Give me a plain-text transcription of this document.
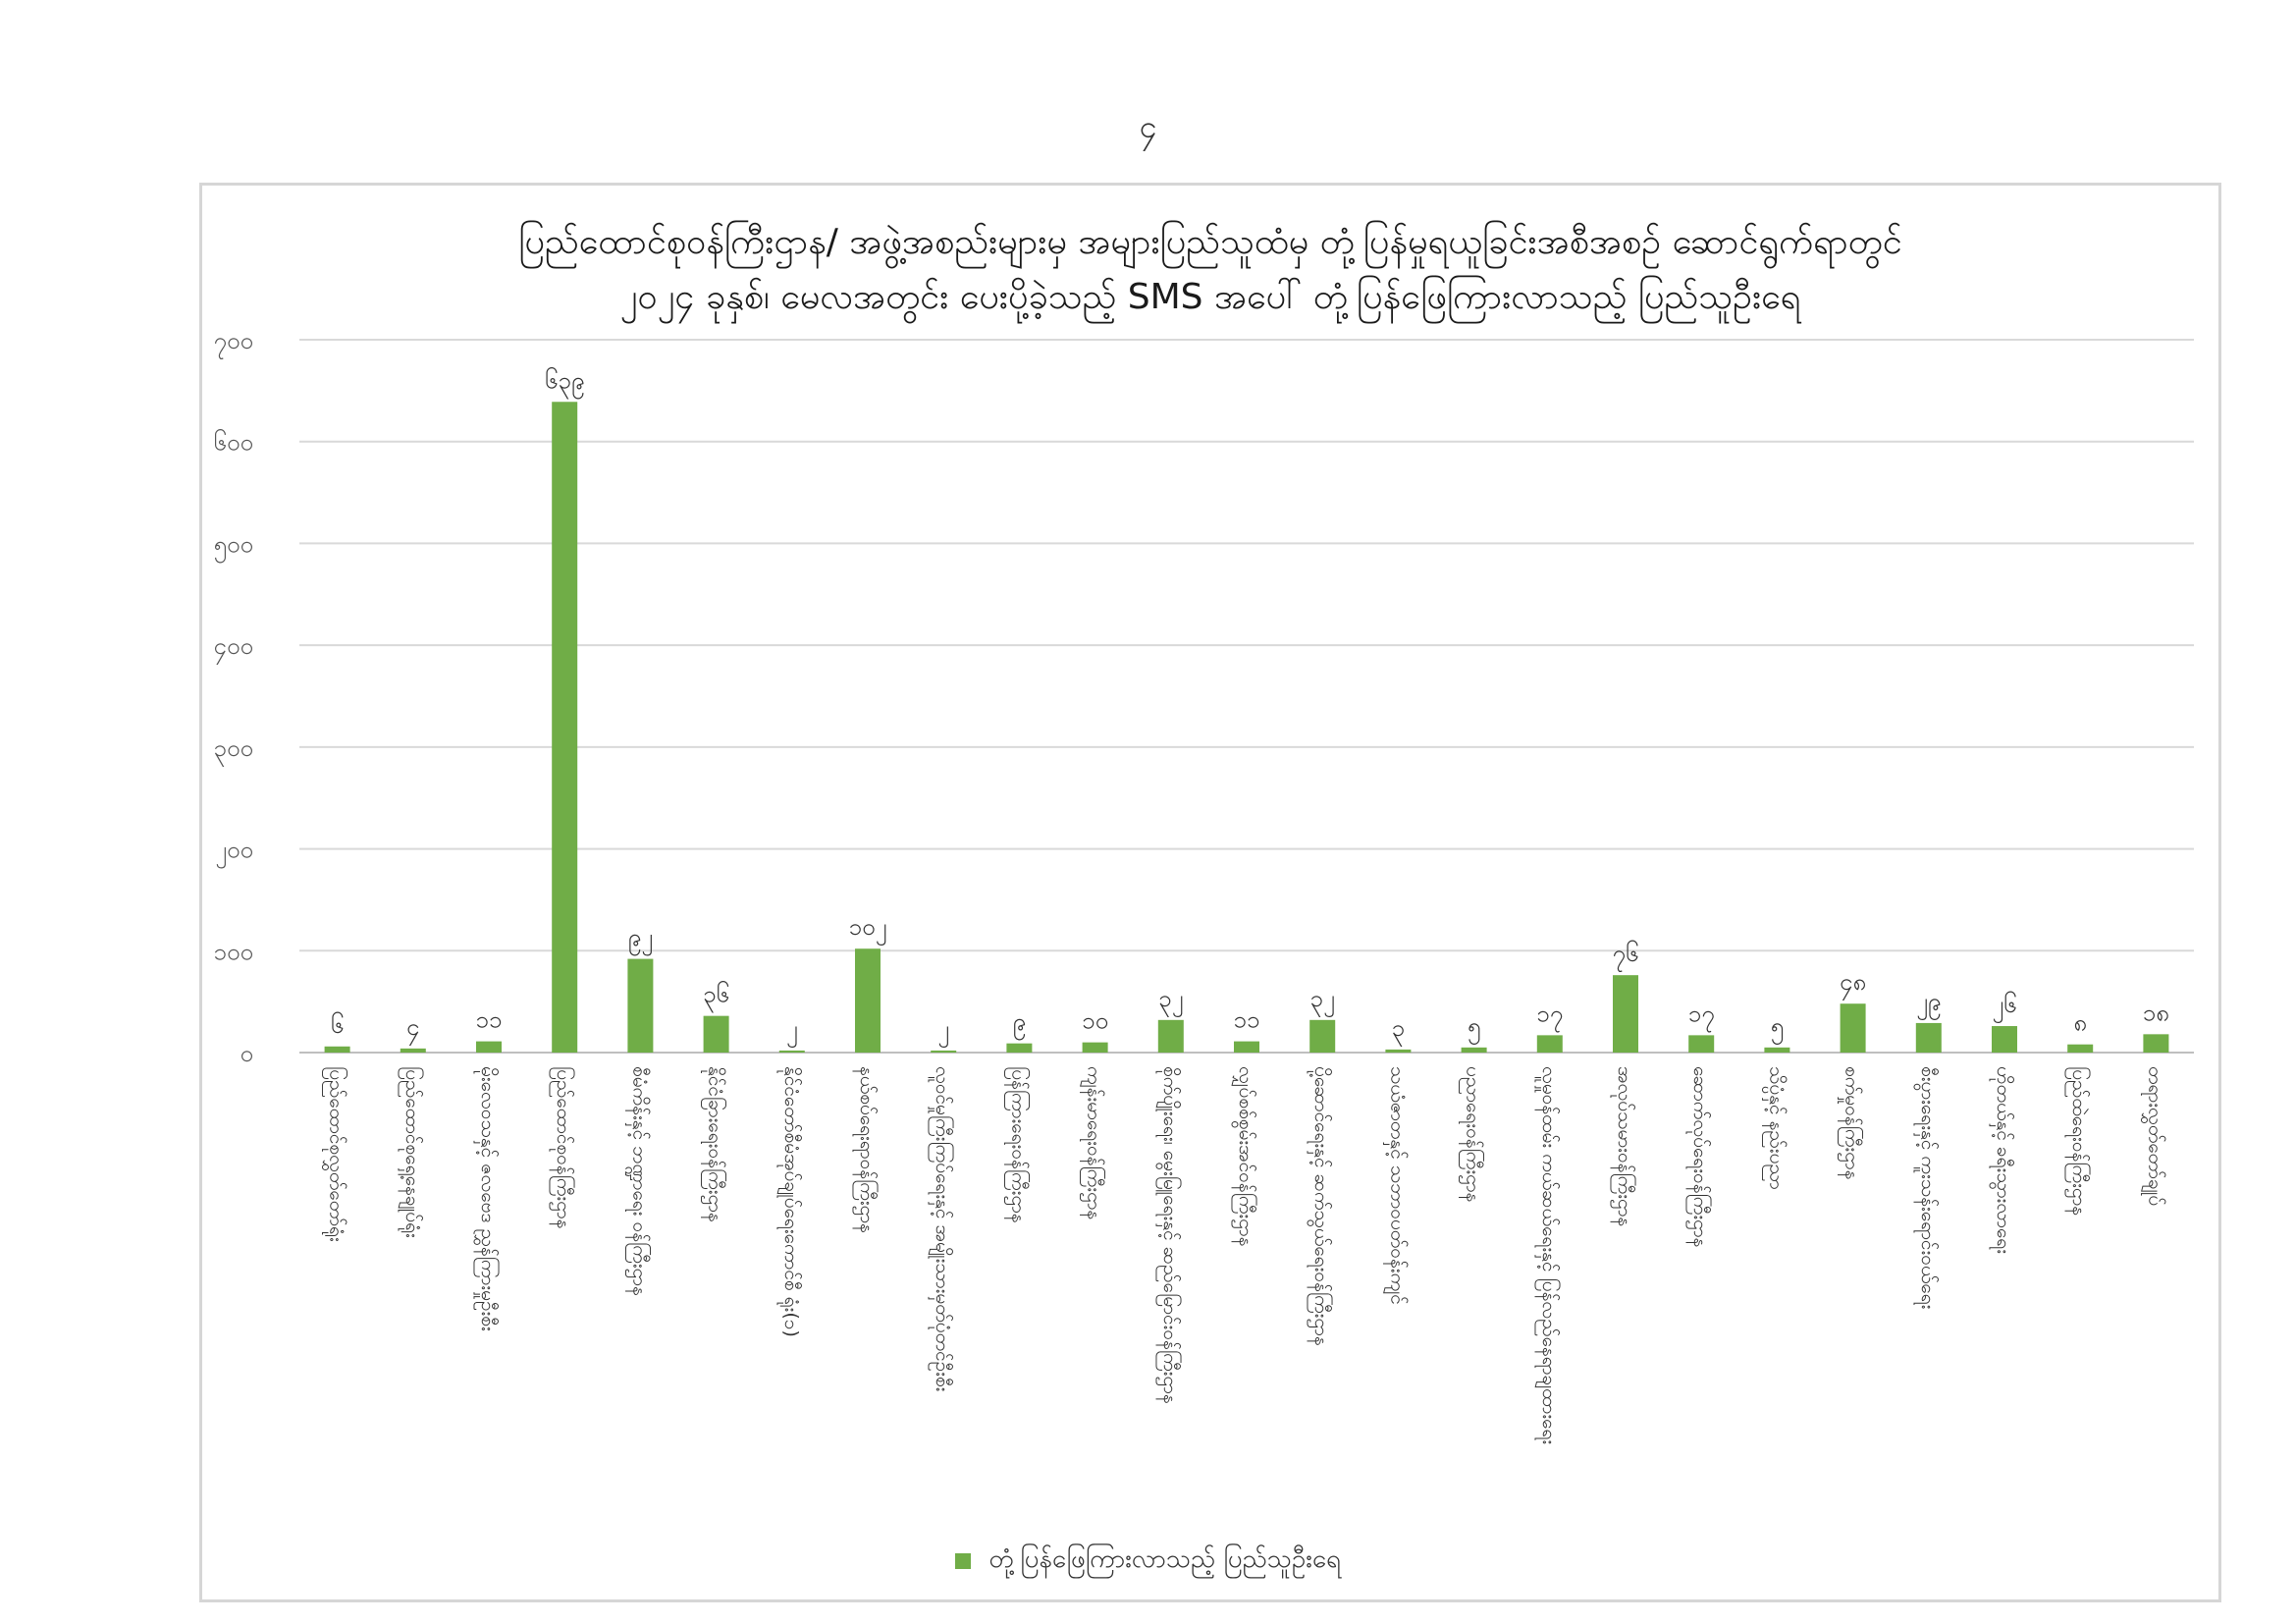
၄
ပြည်ထောင်စုဝန်ကြီးဌာန/ အဖွဲ့အစည်းများမှ အများပြည်သူထံမှ တုံ့ပြန်မှုရယူခြင်းအစီအစဉ် ဆောင်ရွက်ရာတွင်
၂၀၂၄ ခုနှစ်၊ မေလအတွင်း ပေးပို့ခဲ့သည့် SMS အပေါ် တုံ့ပြန်ဖြေကြားလာသည့် ပြည်သူဦးရေ
၀
၁၀၀
၂၀၀
၃၀၀
၄၀၀
၅၀၀
၆၀၀
၇၀၀
၆	၄ ၁၁
၆၃၉
၉၂
၃၆
၂
၁၀၂
၂	၉ ၁၀
၃၂
၁၁
၃၂
၃	၅ ၁၇
၇၆
၁၇ ၅
၄၈
၂၉ ၂၆
၈ ၁၈
ပြည်ထောင်စုလွှတ်တော်ရုံး	ပြည်ထောင်စုရှေ့နေချုပ်ရုံး	မိုးလေဝသနှင့် ဇလဗေဒ ညွှန်ကြားမှုဦးစီး	ပြည်ထောင်စုဝန်ကြီးဌာန	စီမံကိန်းနှင့် ဘဏ္ဍာရေး ဝန်ကြီးဌာန	နိုင်ငံခြားရေးဝန်ကြီးဌာန	နိုင်ငံတော်စီမံအုပ်ချုပ်ရေးကောင်စီ ရုံး(၁)	နယ်စပ်ရေးရာဝန်ကြီးဌာန	လူဝင်မှုကြီးကြပ်ရေးနှင့် အမျိုးသားမှတ်ပုံတင်ဦးစီး	ပြန်ကြားရေးဝန်ကြီးဌာန	ကျန်းမာရေးဝန်ကြီးဌာန	စိုက်ပျိုးရေး၊ မွေးမြူရေးနှင့် ဆည်မြောင်းဝန်ကြီးဌာန	လျှပ်စစ်စွမ်းအင်ဝန်ကြီးဌာန	ပို့ဆောင်ရေးနှင့် ဆက်သွယ်ရေးဝန်ကြီးဌာန	သယံဇာတနှင့် သဘာဝပတ်ဝန်းကျင်	ပညာရေးဝန်ကြီးဌာန	လူမှုဝန်ထမ်း ကယ်ဆယ်ရေးနှင့် ပြန်လည်နေရာချထားရေး	အလုပ်သမားဝန်ကြီးဌာန	ဆောက်လုပ်ရေးဝန်ကြီးဌာန	သိပ္ပံနှင့် နည်းပညာ	စက်မှုဝန်ကြီးဌာန	စီးပွားရေးနှင့် ကူးသန်းရောင်းဝယ်ရေး	ဟိုတယ်နှင့် ခရီးသွားလာရေး	ပြည်ထဲရေးဝန်ကြီးဌာန	တရားလွှတ်တော်ချုပ်
တုံ့ပြန်ဖြေကြားလာသည့် ပြည်သူဦးရေ
